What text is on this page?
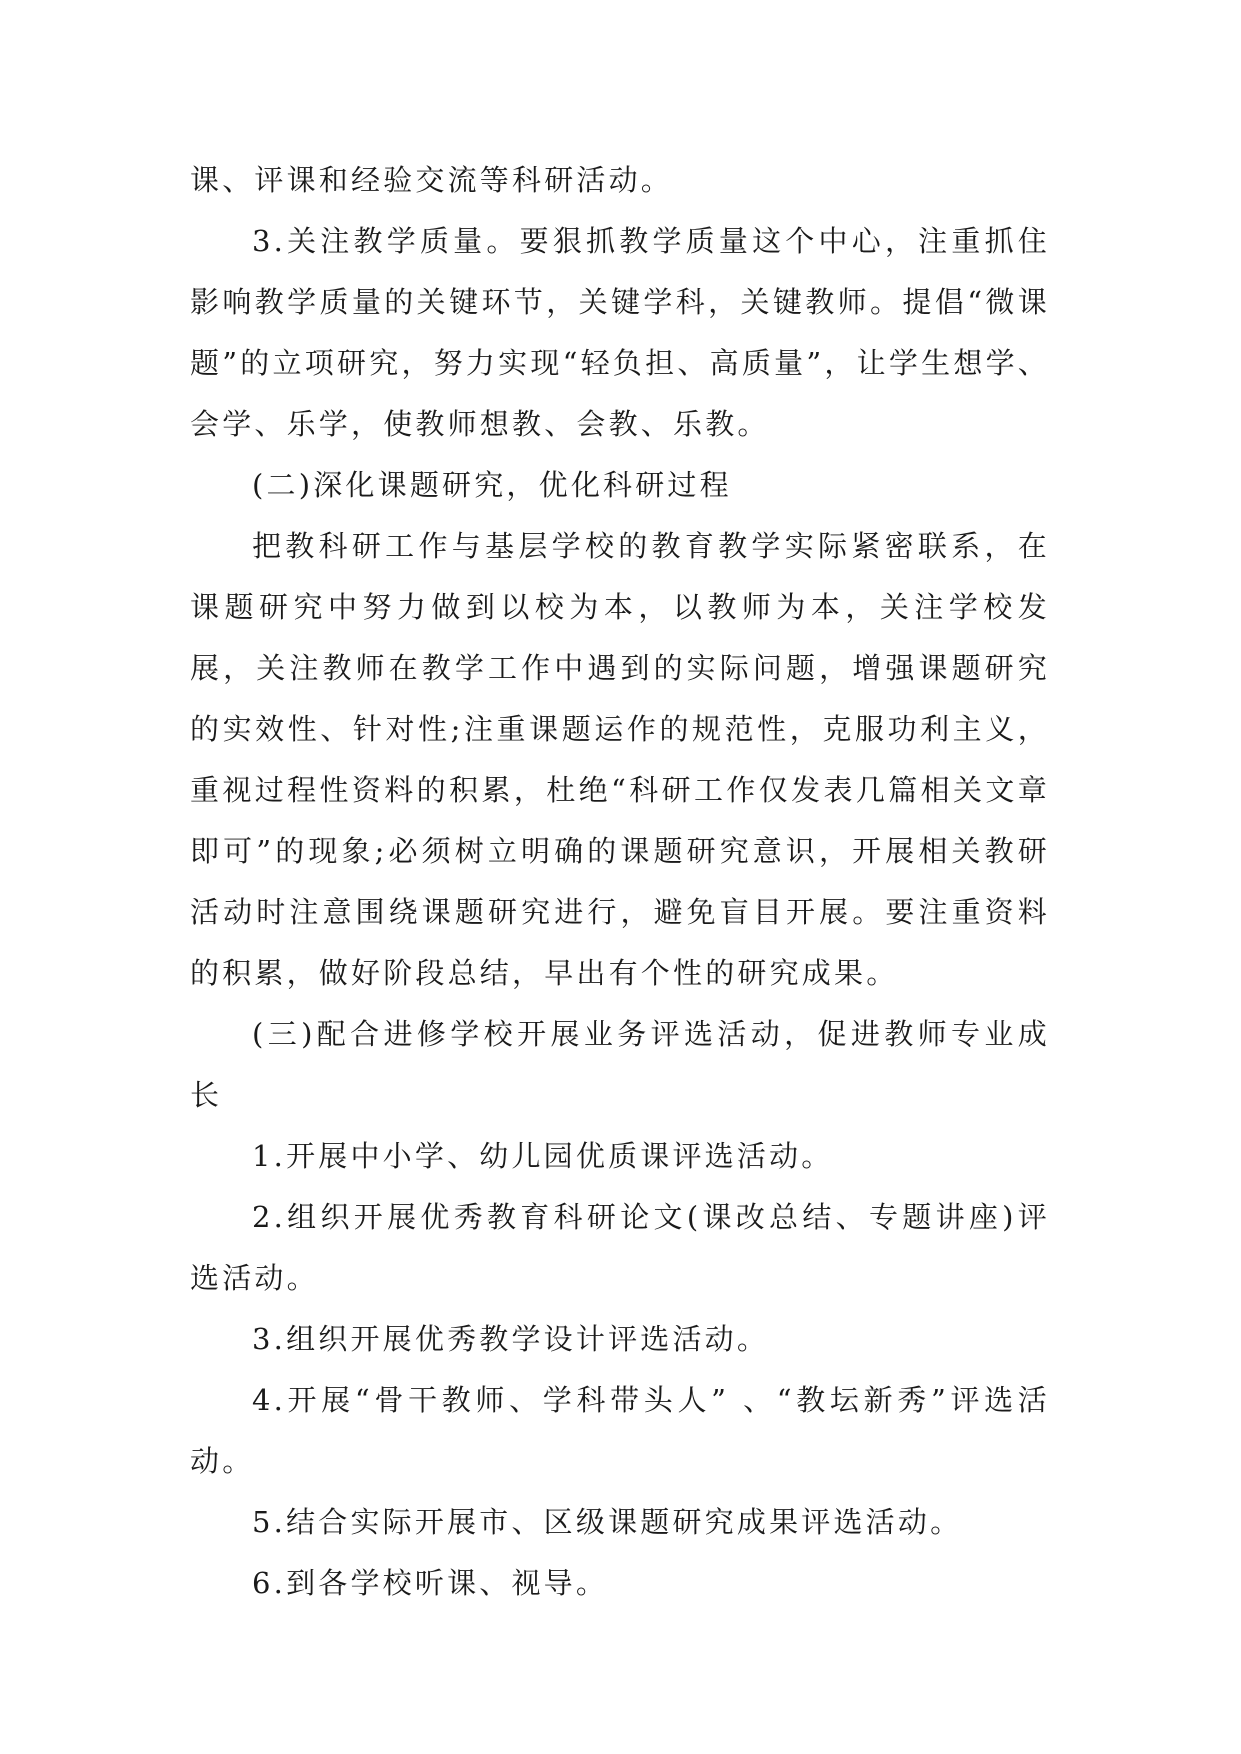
课、评课和经验交流等科研活动。

3.关注教学质量。要狠抓教学质量这个中心，注重抓住影响教学质量的关键环节，关键学科，关键教师。提倡“微课题”的立项研究，努力实现“轻负担、高质量”，让学生想学、会学、乐学，使教师想教、会教、乐教。

(二)深化课题研究，优化科研过程

把教科研工作与基层学校的教育教学实际紧密联系，在课题研究中努力做到以校为本，以教师为本，关注学校发展，关注教师在教学工作中遇到的实际问题，增强课题研究的实效性、针对性;注重课题运作的规范性，克服功利主义，重视过程性资料的积累，杜绝“科研工作仅发表几篇相关文章即可”的现象;必须树立明确的课题研究意识，开展相关教研活动时注意围绕课题研究进行，避免盲目开展。要注重资料的积累，做好阶段总结，早出有个性的研究成果。

(三)配合进修学校开展业务评选活动，促进教师专业成长

1.开展中小学、幼儿园优质课评选活动。

2.组织开展优秀教育科研论文(课改总结、专题讲座)评选活动。

3.组织开展优秀教学设计评选活动。

4.开展“骨干教师、学科带头人” 、“教坛新秀”评选活动。

5.结合实际开展市、区级课题研究成果评选活动。

6.到各学校听课、视导。
